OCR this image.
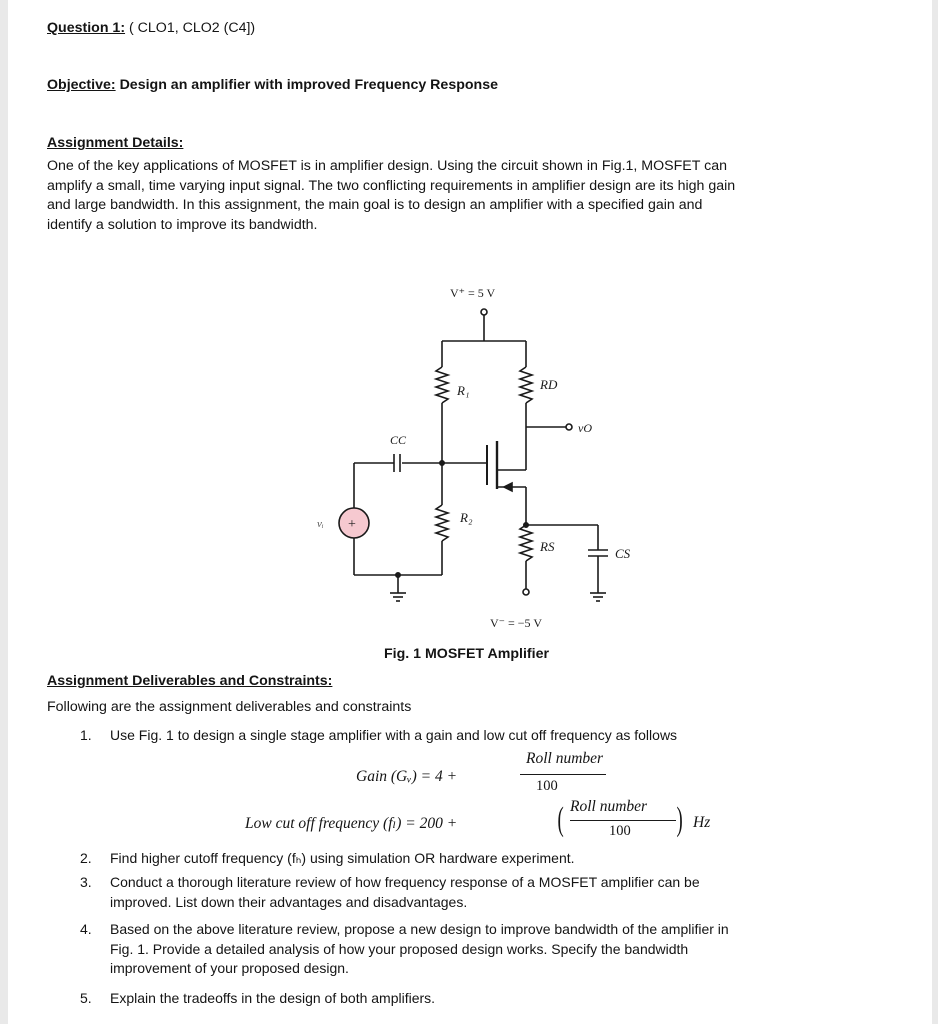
Question 1: ( CLO1, CLO2 (C4])
Objective: Design an amplifier with improved Frequency Response
Assignment Details:
One of the key applications of MOSFET is in amplifier design. Using the circuit shown in Fig.1, MOSFET can
amplify a small, time varying input signal. The two conflicting requirements in amplifier design are its high gain
and large bandwidth. In this assignment, the main goal is to design an amplifier with a specified gain and
identify a solution to improve its bandwidth.
V⁺ = 5 V
R₁	RD
vO
CC
+
vᵢ	R₂
RS
V⁻ = −5 V
CS
Fig. 1 MOSFET Amplifier
Assignment Deliverables and Constraints:
Following are the assignment deliverables and constraints
1. Use Fig. 1 to design a single stage amplifier with a gain and low cut off frequency as follows
Gain (Gᵥ) = 4 +
Roll number
100
Low cut off frequency (fₗ) = 200 +	( Roll number
100 ) Hz
2. Find higher cutoff frequency (fₕ) using simulation OR hardware experiment.
3. Conduct a thorough literature review of how frequency response of a MOSFET amplifier can be
improved. List down their advantages and disadvantages.
4. Based on the above literature review, propose a new design to improve bandwidth of the amplifier in
Fig. 1. Provide a detailed analysis of how your proposed design works. Specify the bandwidth
improvement of your proposed design.
5. Explain the tradeoffs in the design of both amplifiers.
